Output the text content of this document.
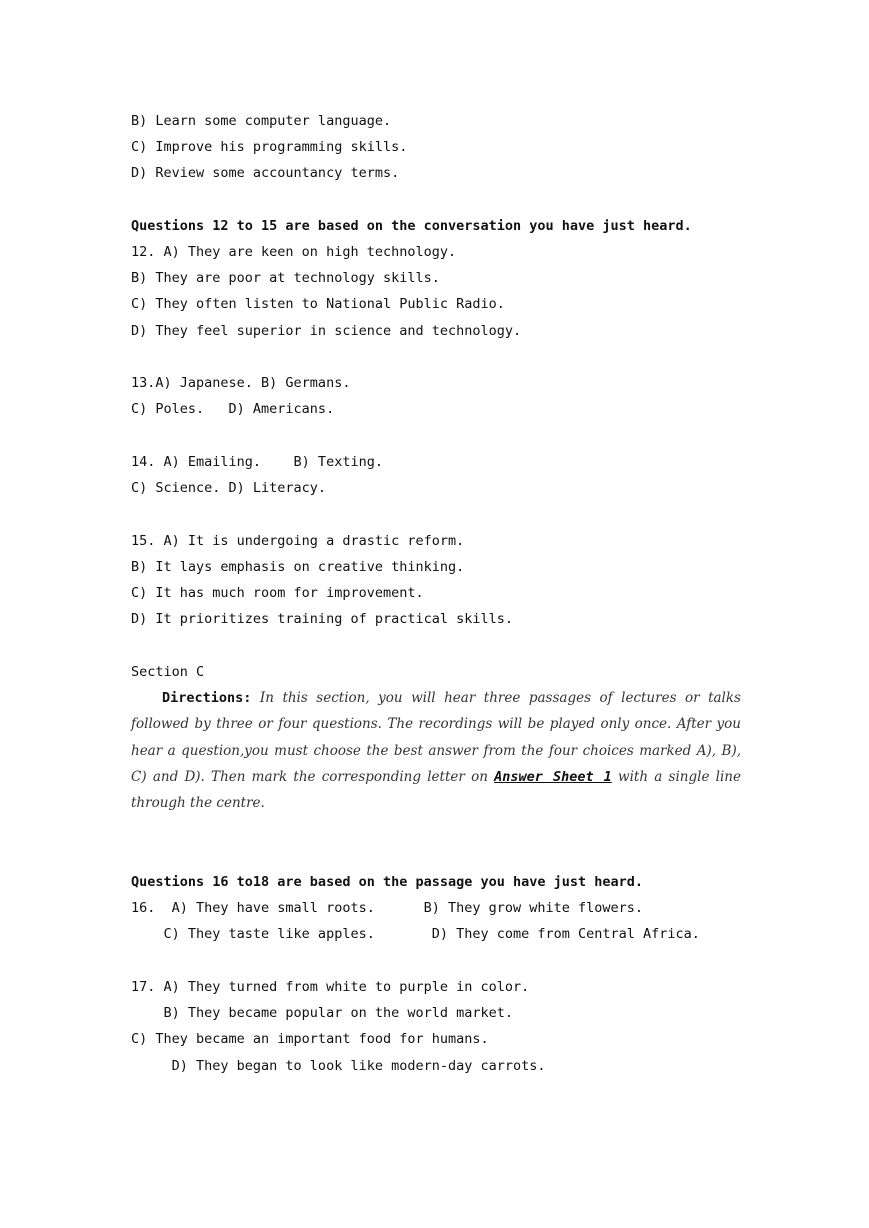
B) Learn some computer language.
C) Improve his programming skills.
D) Review some accountancy terms.
Questions 12 to 15 are based on the conversation you have just heard.
12. A) They are keen on high technology.
B) They are poor at technology skills.
C) They often listen to National Public Radio.
D) They feel superior in science and technology.
13.A) Japanese. B) Germans.
C) Poles.   D) Americans.
14. A) Emailing.    B) Texting.
C) Science. D) Literacy.
15. A) It is undergoing a drastic reform.
B) It lays emphasis on creative thinking.
C) It has much room for improvement.
D) It prioritizes training of practical skills.
Section C
Directions: In this section, you will hear three passages of lectures or talks followed by three or four questions. The recordings will be played only once. After you hear a question,you must choose the best answer from the four choices marked A), B), C) and D). Then mark the corresponding letter on Answer Sheet 1 with a single line through the centre.
Questions 16 to18 are based on the passage you have just heard.
16.  A) They have small roots.      B) They grow white flowers.
C) They taste like apples.       D) They come from Central Africa.
17. A) They turned from white to purple in color.
B) They became popular on the world market.
C) They became an important food for humans.
D) They began to look like modern-day carrots.
